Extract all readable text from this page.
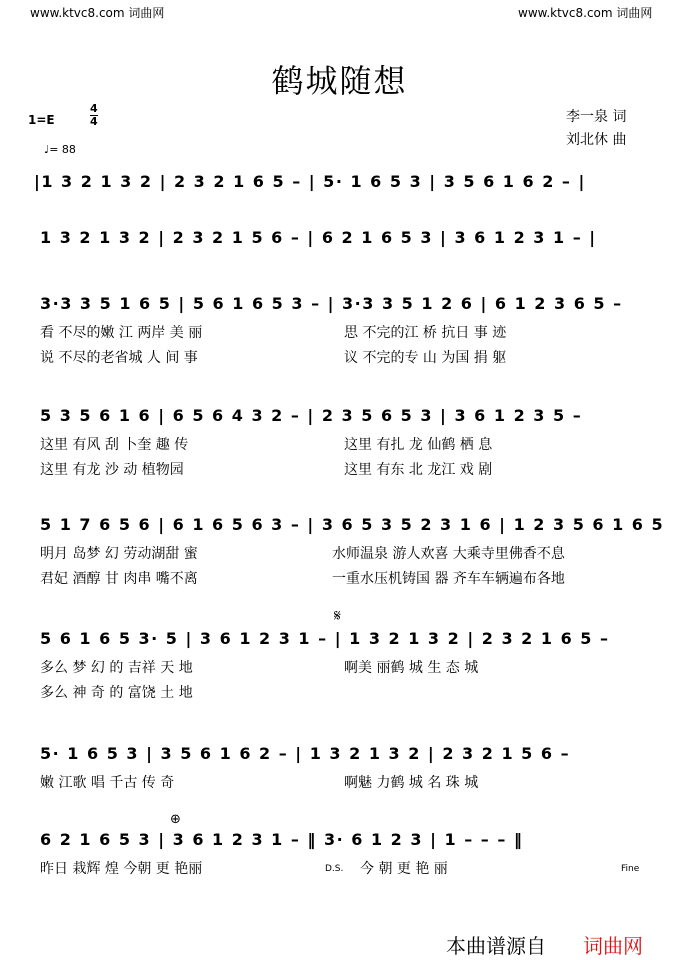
www.ktvc8.com 词曲网	www.ktvc8.com 词曲网
鹤城随想
1=E	$\frac{4}{4}$
♩= 88
李一泉 词
刘北休 曲
|1 3 2 1 3 2 | 2 3 2 1 6 5 – | 5· 1 6 5 3 | 3 5 6 1 6 2 – |
1 3 2 1 3 2 | 2 3 2 1 5 6 – | 6 2 1 6 5 3 | 3 6 1 2 3 1 – |
3·3 3 5 1 6 5 | 5 6 1 6 5 3 – | 3·3 3 5 1 2 6 | 6 1 2 3 6 5 –
看 不尽的嫩 江 两岸 美 丽
说 不尽的老省城 人 间 事
思 不完的江 桥 抗日 事 迹
议 不完的专 山 为国 捐 躯
5 3 5 6 1 6 | 6 5 6 4 3 2 – | 2 3 5 6 5 3 | 3 6 1 2 3 5 –
这里 有风 刮 卜奎 趣 传
这里 有龙 沙 动 植物园
这里 有扎 龙 仙鹤 栖 息
这里 有东 北 龙江 戏 剧
5 1 7 6 5 6 | 6 1 6 5 6 3 – | 3 6 5 3 5 2 3 1 6 | 1 2 3 5 6 1 6 5
明月 岛梦 幻 劳动湖甜 蜜
君妃 酒醇 甘 肉串 嘴不离
水师温泉 游人欢喜 大乘寺里佛香不息
一重水压机铸国 器 齐车车辆遍布各地
𝄋
5 6 1 6 5 3· 5 | 3 6 1 2 3 1 – | 1 3 2 1 3 2 | 2 3 2 1 6 5 –
多么 梦 幻 的 吉祥 天 地
多么 神 奇 的 富饶 土 地
啊美 丽鹤 城 生 态 城
5· 1 6 5 3 | 3 5 6 1 6 2 – | 1 3 2 1 3 2 | 2 3 2 1 5 6 –
嫩 江歌 唱 千古 传 奇	啊魅 力鹤 城 名 珠 城
⊕
6 2 1 6 5 3 | 3 6 1 2 3 1 – ‖ 3· 6 1 2 3 | 1 – – – ‖
昨日 栽辉 煌 今朝 更 艳丽	D.S. 今 朝 更 艳 丽	Fine
本曲谱源自 词曲网
